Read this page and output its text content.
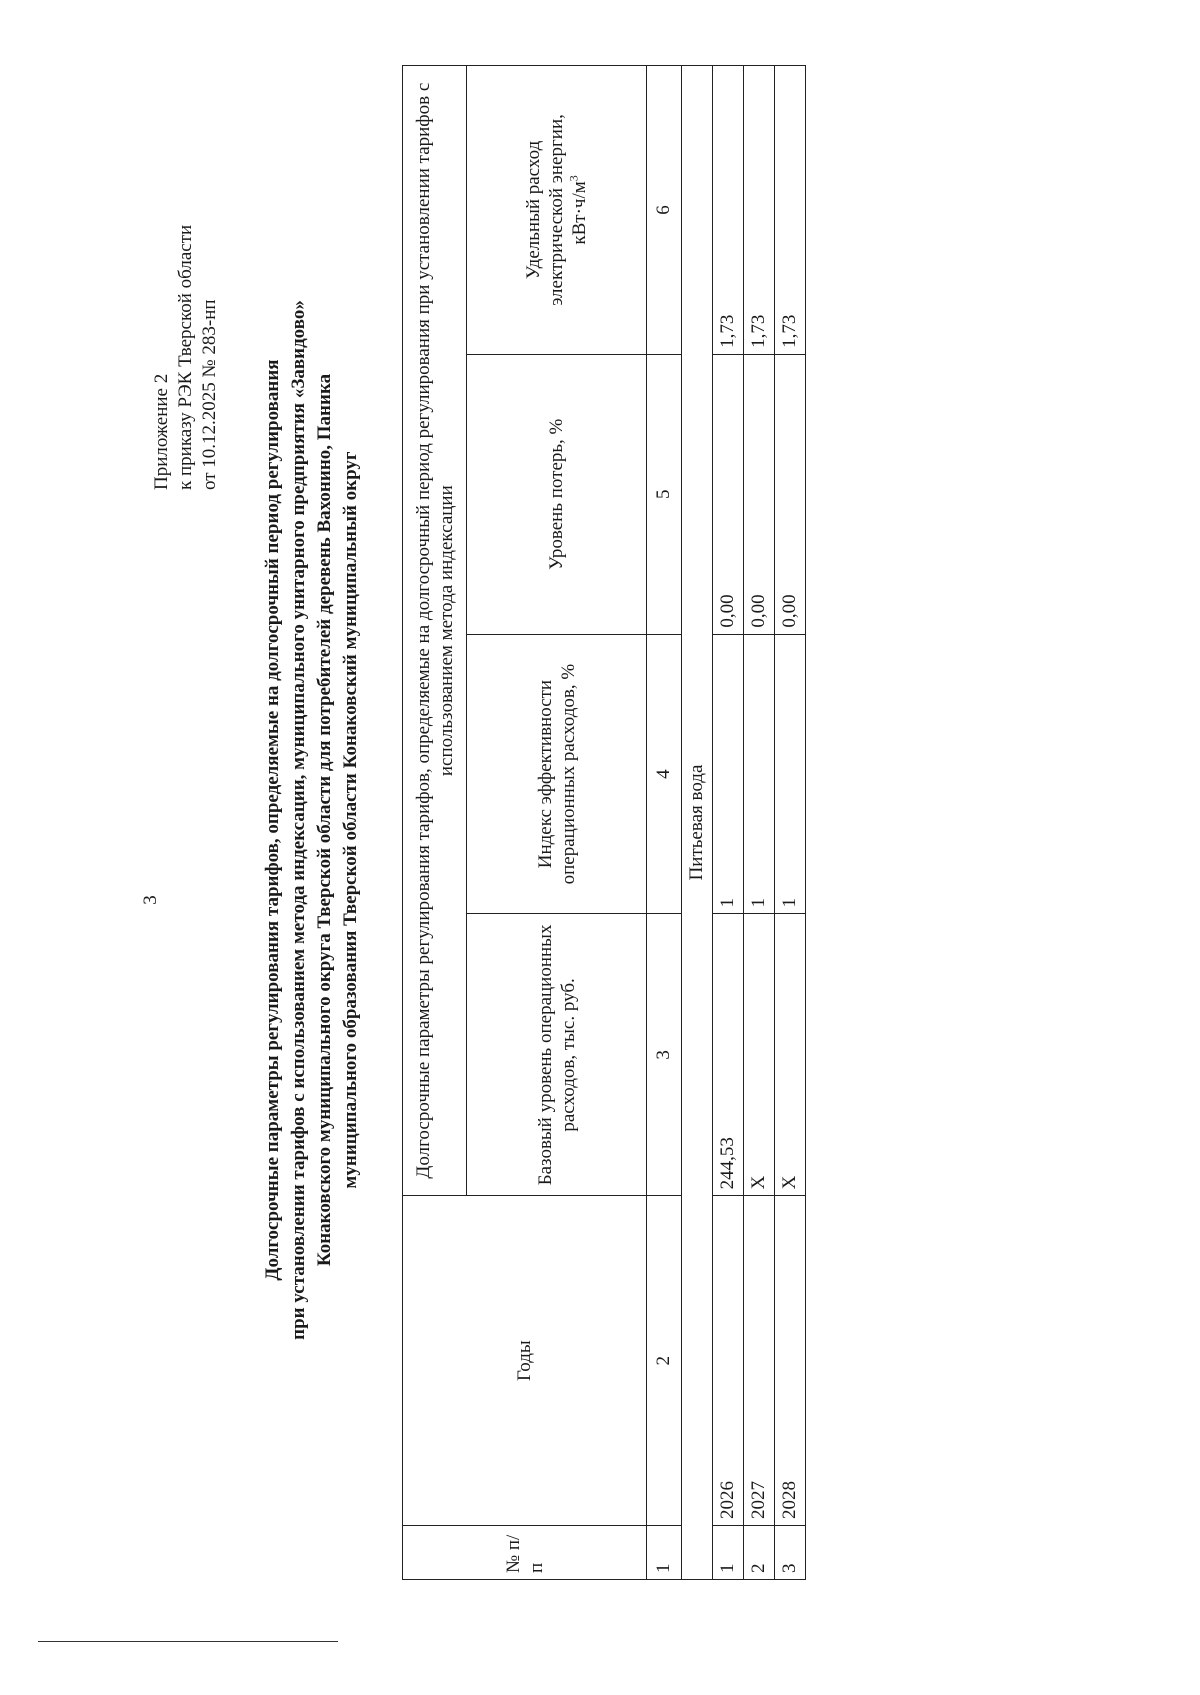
3
Приложение 2 к приказу РЭК Тверской области от 10.12.2025 № 283-нп Долгосрочные параметры регулирования тарифов, определяемые на долгосрочный период регулирования при установлении тарифов с использованием метода индексации, муниципального унитарного предприятия «Завидово» Конаковского муниципального округа Тверской области для потребителей деревень Вахонино, Паника муниципального образования Тверской области Конаковский муниципальный округ
№ п/п	Годы	Долгосрочные параметры регулирования тарифов, определяемые на долгосрочный период регулирования при установлении тарифов с использованием метода индексации			
		Базовый уровень операционных расходов, тыс. руб.	Индекс эффективности операционных расходов, %	Уровень потерь, %	Удельный расход электрической энергии, $кВт\cdot ч/м^3$

1	2	3	4	5	6
Питьевая вода					
1	2026	244,53	1	0,00	1,73
2	2027	X	1	0,00	1,73
3	2028	X	1	0,00	1,73
